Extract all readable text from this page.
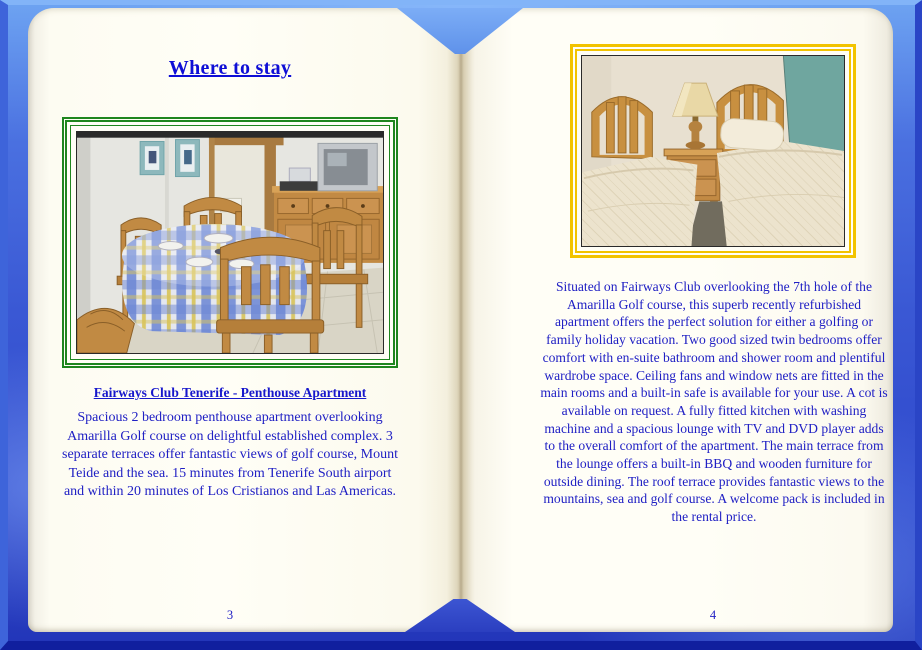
Where to stay
Fairways Club Tenerife - Penthouse Apartment

Spacious 2 bedroom penthouse apartment overlooking Amarilla Golf course on delightful established complex. 3 separate terraces offer fantastic views of golf course, Mount Teide and the sea. 15 minutes from Tenerife South airport and within 20 minutes of Los Cristianos and Las Americas.

3

Situated on Fairways Club overlooking the 7th hole of the Amarilla Golf course, this superb recently refurbished apartment offers the perfect solution for either a golfing or family holiday vacation. Two good sized twin bedrooms offer comfort with en-suite bathroom and shower room and plentiful wardrobe space. Ceiling fans and window nets are fitted in the main rooms and a built-in safe is available for your use. A cot is available on request. A fully fitted kitchen with washing machine and a spacious lounge with TV and DVD player adds to the overall comfort of the apartment. The main terrace from the lounge offers a built-in BBQ and wooden furniture for outside dining. The roof terrace provides fantastic views to the mountains, sea and golf course. A welcome pack is included in the rental price.

4
